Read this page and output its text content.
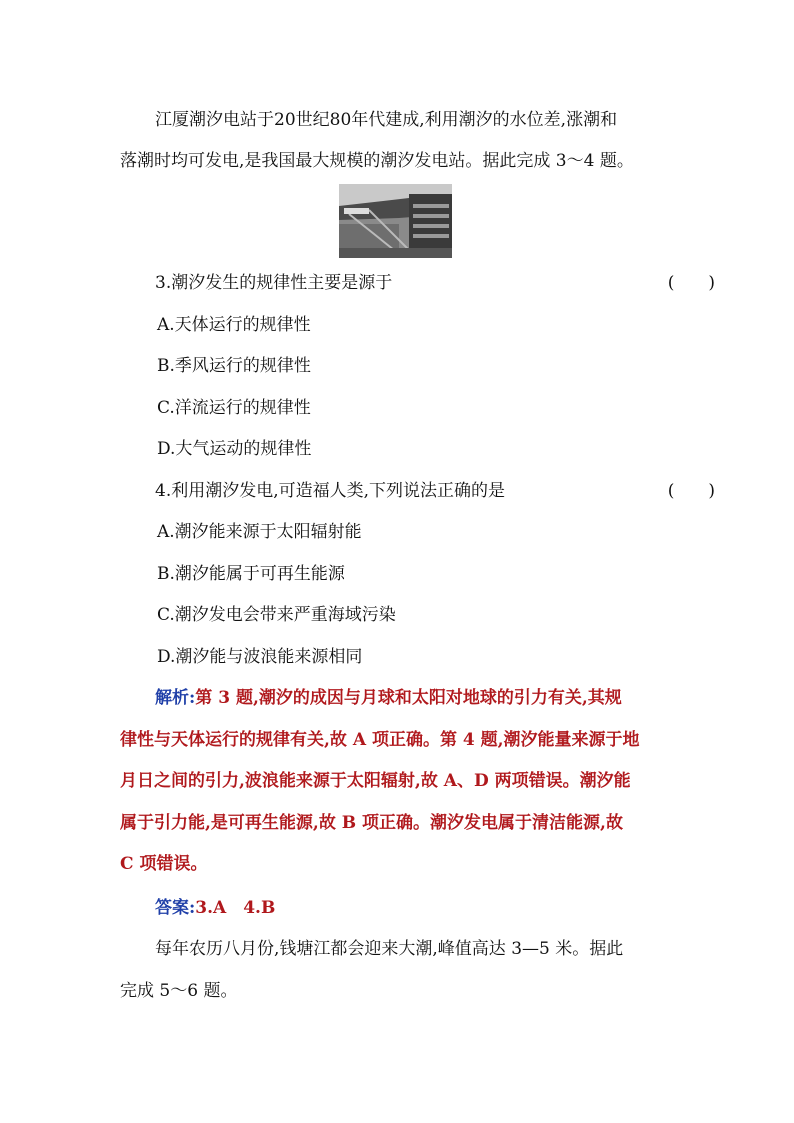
江厦潮汐电站于20世纪80年代建成,利用潮汐的水位差,涨潮和
落潮时均可发电,是我国最大规模的潮汐发电站。据此完成 3～4 题。
3.潮汐发生的规律性主要是源于	(　　)
A.天体运行的规律性
B.季风运行的规律性
C.洋流运行的规律性
D.大气运动的规律性
4.利用潮汐发电,可造福人类,下列说法正确的是	(　　)
A.潮汐能来源于太阳辐射能
B.潮汐能属于可再生能源
C.潮汐发电会带来严重海域污染
D.潮汐能与波浪能来源相同
解析:第 3 题,潮汐的成因与月球和太阳对地球的引力有关,其规
律性与天体运行的规律有关,故 A 项正确。第 4 题,潮汐能量来源于地
月日之间的引力,波浪能来源于太阳辐射,故 A、D 两项错误。潮汐能
属于引力能,是可再生能源,故 B 项正确。潮汐发电属于清洁能源,故
C 项错误。
答案:3.A　4.B
每年农历八月份,钱塘江都会迎来大潮,峰值高达 3—5 米。据此
完成 5～6 题。
